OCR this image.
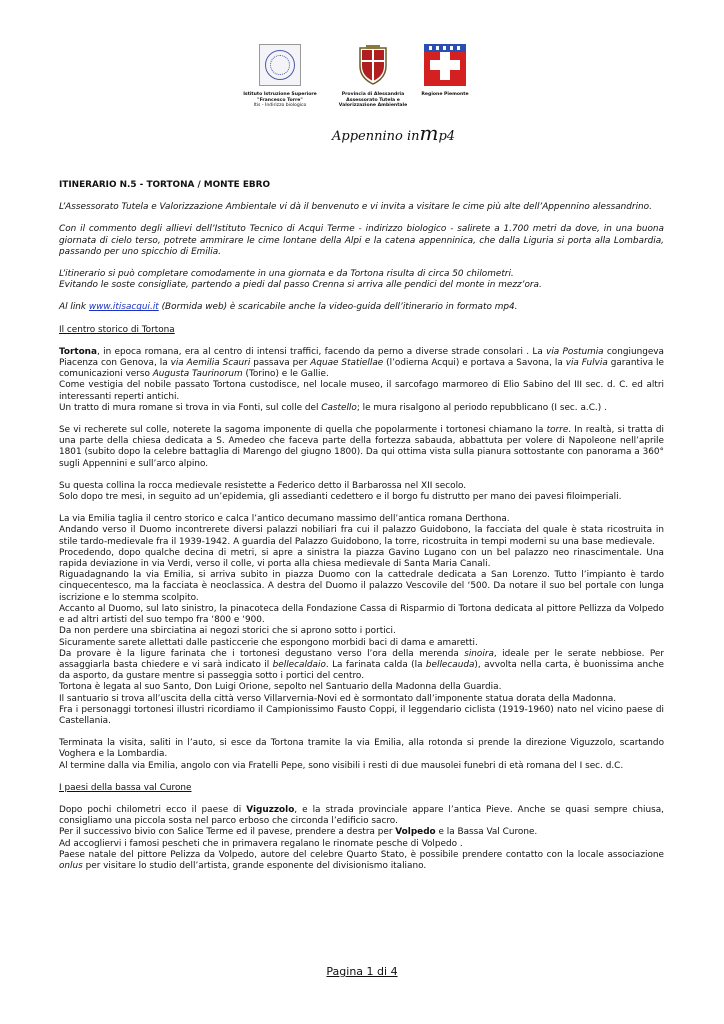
Istituto Istruzione Superiore
"Francesco Torre"
Itis - Indirizzo biologico
Provincia di Alessandria
Assessorato Tutela e
Valorizzazione Ambientale
Regione Piemonte
Appennino inmp4

ITINERARIO N.5 - TORTONA / MONTE EBRO

L’Assessorato Tutela e Valorizzazione Ambientale vi dà il benvenuto e vi invita a visitare le cime più alte dell’Appennino alessandrino.

Con il commento degli allievi dell’Istituto Tecnico di Acqui Terme - indirizzo biologico - salirete a 1.700 metri da dove, in una buona giornata di cielo terso, potrete ammirare le cime lontane della Alpi e la catena appenninica, che dalla Liguria si porta alla Lombardia, passando per uno spicchio di Emilia.

L’itinerario si può completare comodamente in una giornata e da Tortona risulta di circa 50 chilometri.

Evitando le soste consigliate, partendo a piedi dal passo Crenna si arriva alle pendici del monte in mezz’ora.

Al link www.itisacqui.it (Bormida web) è scaricabile anche la video-guida dell’itinerario in formato mp4.

Il centro storico di Tortona

Tortona, in epoca romana, era al centro di intensi traffici, facendo da perno a diverse strade consolari . La via Postumia congiungeva Piacenza con Genova, la via Aemilia Scauri passava per Aquae Statiellae (l’odierna Acqui) e portava a Savona, la via Fulvia garantiva le comunicazioni verso Augusta Taurinorum (Torino) e le Gallie.

Come vestigia del nobile passato Tortona custodisce, nel locale museo, il sarcofago marmoreo di Elio Sabino del III sec. d. C. ed altri interessanti reperti antichi.

Un tratto di mura romane si trova in via Fonti, sul colle del Castello; le mura risalgono al periodo repubblicano (I sec. a.C.) .

Se vi recherete sul colle, noterete la sagoma imponente di quella che popolarmente i tortonesi chiamano la torre. In realtà, si tratta di una parte della chiesa dedicata a S. Amedeo che faceva parte della fortezza sabauda, abbattuta per volere di Napoleone nell’aprile 1801 (subito dopo la celebre battaglia di Marengo del giugno 1800). Da qui ottima vista sulla pianura sottostante con panorama a 360° sugli Appennini e sull’arco alpino.

Su questa collina la rocca medievale resistette a Federico detto il Barbarossa nel XII secolo.

Solo dopo tre mesi, in seguito ad un’epidemia, gli assedianti cedettero e il borgo fu distrutto per mano dei pavesi filoimperiali.

La via Emilia taglia il centro storico e calca l’antico decumano massimo dell’antica romana Derthona.

Andando verso il Duomo incontrerete diversi palazzi nobiliari fra cui il palazzo Guidobono, la facciata del quale è stata ricostruita in stile tardo-medievale fra il 1939-1942. A guardia del Palazzo Guidobono, la torre, ricostruita in tempi moderni su una base medievale.

Procedendo, dopo qualche decina di metri, si apre a sinistra la piazza Gavino Lugano con un bel palazzo neo rinascimentale. Una rapida deviazione in via Verdi, verso il colle, vi porta alla chiesa medievale di Santa Maria Canali.

Riguadagnando la via Emilia, si arriva subito in piazza Duomo con la cattedrale dedicata a San Lorenzo. Tutto l’impianto è tardo cinquecentesco, ma la facciata è neoclassica. A destra del Duomo il palazzo Vescovile del ‘500. Da notare il suo bel portale con lunga iscrizione e lo stemma scolpito.

Accanto al Duomo, sul lato sinistro, la pinacoteca della Fondazione Cassa di Risparmio di Tortona dedicata al pittore Pellizza da Volpedo e ad altri artisti del suo tempo fra ‘800 e ‘900.

Da non perdere una sbirciatina ai negozi storici che si aprono sotto i portici.

Sicuramente sarete allettati dalle pasticcerie che espongono morbidi baci di dama e amaretti.

Da provare è la ligure farinata che i tortonesi degustano verso l’ora della merenda sinoira, ideale per le serate nebbiose. Per assaggiarla basta chiedere e vi sarà indicato il bellecaldaio. La farinata calda (la bellecauda), avvolta nella carta, è buonissima anche da asporto, da gustare mentre si passeggia sotto i portici del centro.

Tortona è legata al suo Santo, Don Luigi Orione, sepolto nel Santuario della Madonna della Guardia.

Il santuario si trova all’uscita della città verso Villarvernia-Novi ed è sormontato dall’imponente statua dorata della Madonna.

Fra i personaggi tortonesi illustri ricordiamo il Campionissimo Fausto Coppi, il leggendario ciclista (1919-1960) nato nel vicino paese di Castellania.

Terminata la visita, saliti in l’auto, si esce da Tortona tramite la via Emilia, alla rotonda si prende la direzione Viguzzolo, scartando Voghera e la Lombardia.

Al termine dalla via Emilia, angolo con via Fratelli Pepe, sono visibili i resti di due mausolei funebri di età romana del I sec. d.C.

I paesi della bassa val Curone

Dopo pochi chilometri ecco il paese di Viguzzolo, e la strada provinciale appare l’antica Pieve. Anche se quasi sempre chiusa, consigliamo una piccola sosta nel parco erboso che circonda l’edificio sacro.

Per il successivo bivio con Salice Terme ed il pavese, prendere a destra per Volpedo e la Bassa Val Curone.

Ad accogliervi i famosi pescheti che in primavera regalano le rinomate pesche di Volpedo .

Paese natale del pittore Pelizza da Volpedo, autore del celebre Quarto Stato, è possibile prendere contatto con la locale associazione onlus per visitare lo studio dell’artista, grande esponente del divisionismo italiano.

Pagina 1 di 4
